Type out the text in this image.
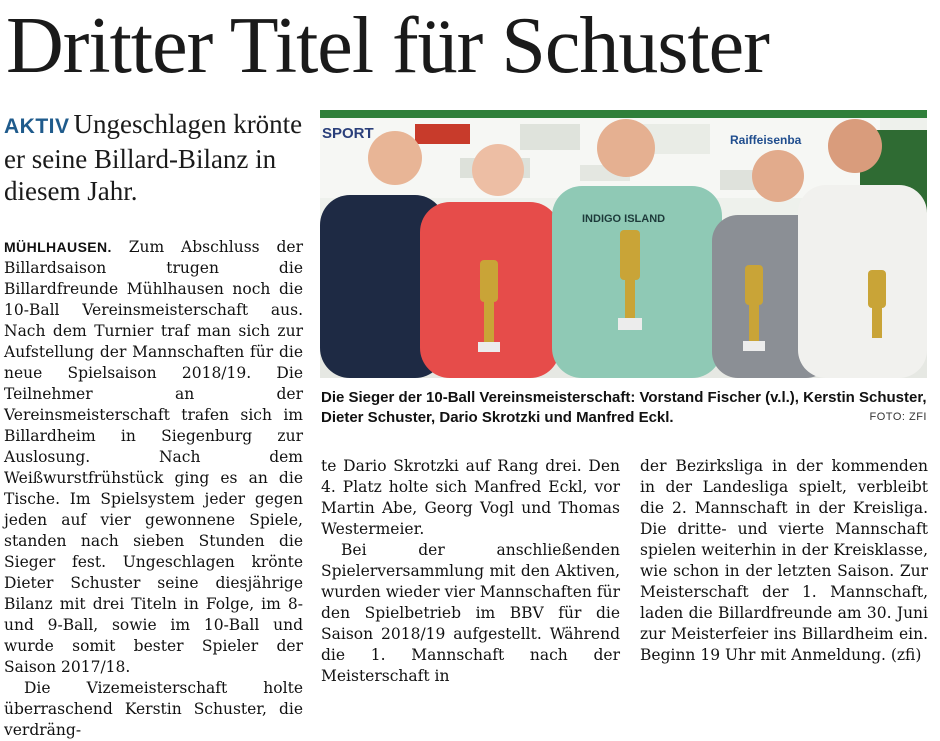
Dritter Titel für Schuster
AKTIV Ungeschlagen krönte er seine Billard-Bilanz in diesem Jahr.

MÜHLHAUSEN. Zum Abschluss der Billardsaison trugen die Billardfreunde Mühlhausen noch die 10-Ball Vereinsmeisterschaft aus. Nach dem Turnier traf man sich zur Aufstellung der Mannschaften für die neue Spielsaison 2018/19. Die Teilnehmer an der Vereinsmeisterschaft trafen sich im Billardheim in Siegenburg zur Auslosung. Nach dem Weißwurstfrühstück ging es an die Tische. Im Spielsystem jeder gegen jeden auf vier gewonnene Spiele, standen nach sieben Stunden die Sieger fest. Ungeschlagen krönte Dieter Schuster seine diesjährige Bilanz mit drei Titeln in Folge, im 8- und 9-Ball, sowie im 10-Ball und wurde somit bester Spieler der Saison 2017/18.

Die Vizemeisterschaft holte überraschend Kerstin Schuster, die verdräng-

te Dario Skrotzki auf Rang drei. Den 4. Platz holte sich Manfred Eckl, vor Martin Abe, Georg Vogl und Thomas Westermeier.

Bei der anschließenden Spielerversammlung mit den Aktiven, wurden wieder vier Mannschaften für den Spielbetrieb im BBV für die Saison 2018/19 aufgestellt. Während die 1. Mannschaft nach der Meisterschaft in

der Bezirksliga in der kommenden in der Landesliga spielt, verbleibt die 2. Mannschaft in der Kreisliga. Die dritte- und vierte Mannschaft spielen weiterhin in der Kreisklasse, wie schon in der letzten Saison. Zur Meisterschaft der 1. Mannschaft, laden die Billardfreunde am 30. Juni zur Meisterfeier ins Billardheim ein. Beginn 19 Uhr mit Anmeldung. (zfi)

SPORT	Raiffeisenba
INDIGO ISLAND
Die Sieger der 10-Ball Vereinsmeisterschaft: Vorstand Fischer (v.l.), Kerstin Schuster, Dieter Schuster, Dario Skrotzki und Manfred Eckl.	FOTO: ZFI
